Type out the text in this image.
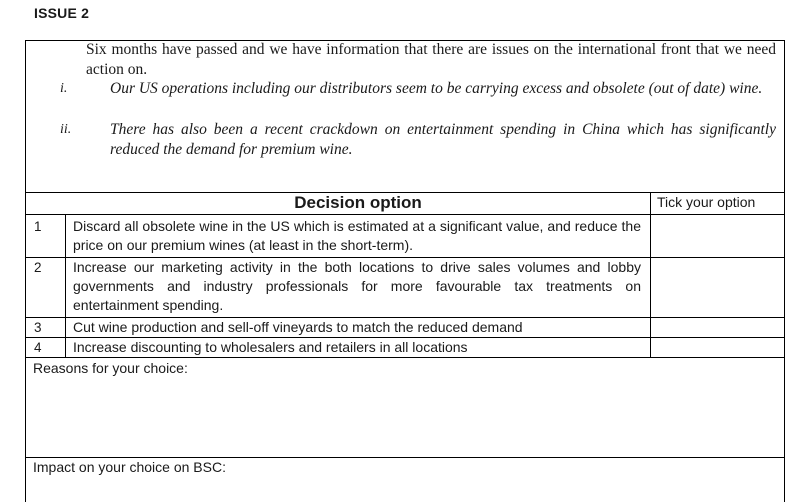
ISSUE 2
Six months have passed and we have information that there are issues on the international front that we need action on.
i.	Our US operations including our distributors seem to be carrying excess and obsolete (out of date) wine.
ii. There has also been a recent crackdown on entertainment spending in China which has significantly reduced the demand for premium wine.
Decision option	Tick your option
1	Discard all obsolete wine in the US which is estimated at a significant value, and reduce the price on our premium wines (at least in the short-term).
2	Increase our marketing activity in the both locations to drive sales volumes and lobby governments and industry professionals for more favourable tax treatments on entertainment spending.
3	Cut wine production and sell-off vineyards to match the reduced demand
4	Increase discounting to wholesalers and retailers in all locations
Reasons for your choice:
Impact on your choice on BSC:
